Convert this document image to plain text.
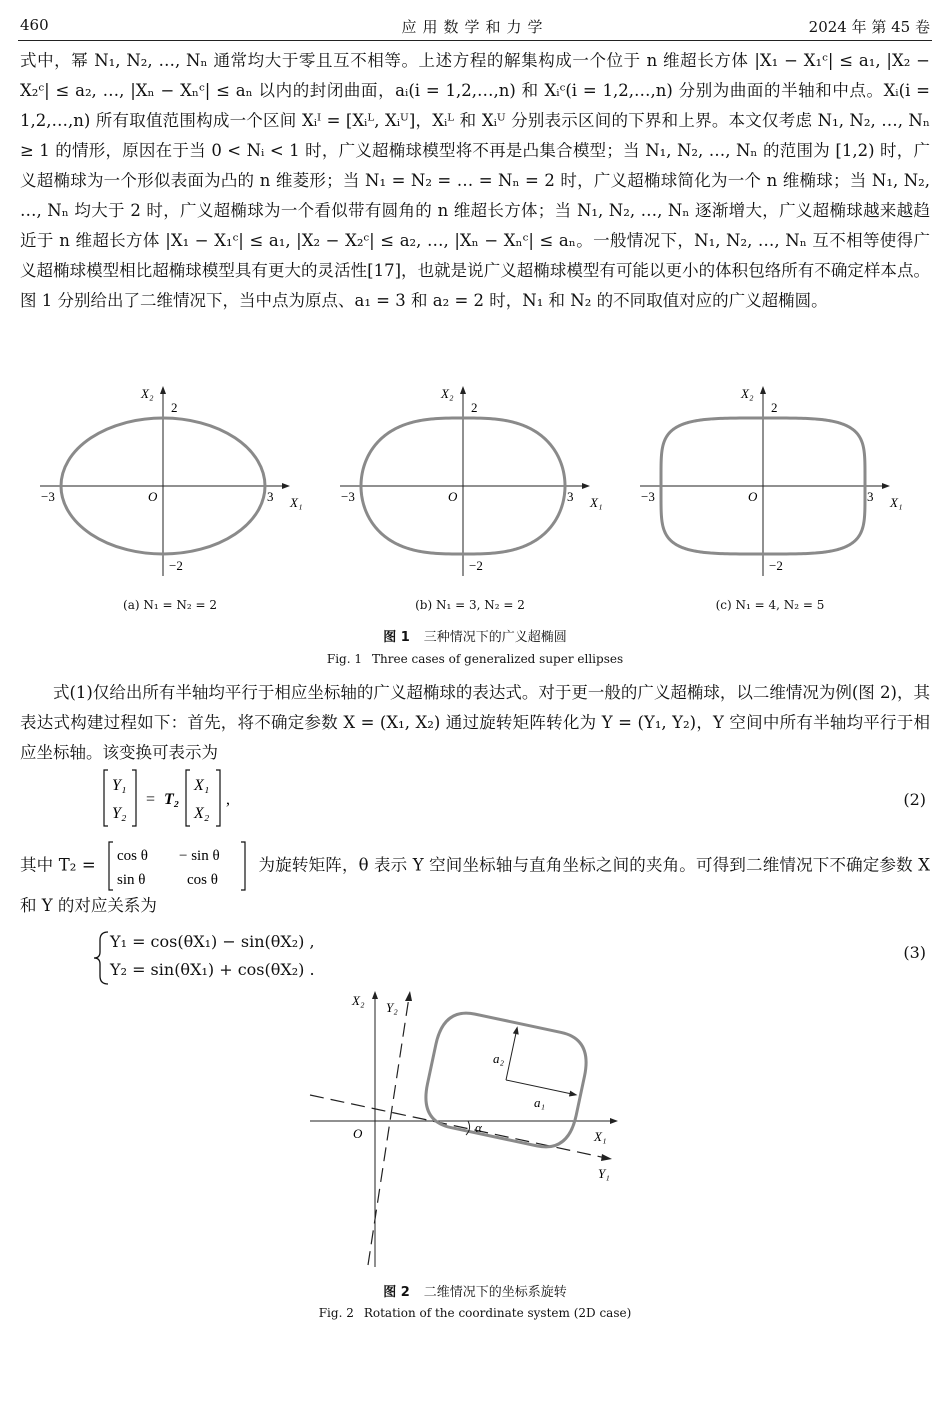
460	应用数学和力学	2024 年 第 45 卷

式中，幂 N₁, N₂, …, Nₙ 通常均大于零且互不相等。上述方程的解集构成一个位于 n 维超长方体 |X₁ − X₁ᶜ| ≤ a₁, |X₂ − X₂ᶜ| ≤ a₂, …, |Xₙ − Xₙᶜ| ≤ aₙ 以内的封闭曲面，aᵢ(i = 1,2,…,n) 和 Xᵢᶜ(i = 1,2,…,n) 分别为曲面的半轴和中点。Xᵢ(i = 1,2,…,n) 所有取值范围构成一个区间 Xᵢᴵ = [Xᵢᴸ, Xᵢᵁ]，Xᵢᴸ 和 Xᵢᵁ 分别表示区间的下界和上界。本文仅考虑 N₁, N₂, …, Nₙ ≥ 1 的情形，原因在于当 0 < Nᵢ < 1 时，广义超椭球模型将不再是凸集合模型；当 N₁, N₂, …, Nₙ 的范围为 [1,2) 时，广义超椭球为一个形似表面为凸的 n 维菱形；当 N₁ = N₂ = … = Nₙ = 2 时，广义超椭球简化为一个 n 维椭球；当 N₁, N₂, …, Nₙ 均大于 2 时，广义超椭球为一个看似带有圆角的 n 维超长方体；当 N₁, N₂, …, Nₙ 逐渐增大，广义超椭球越来越趋近于 n 维超长方体 |X₁ − X₁ᶜ| ≤ a₁, |X₂ − X₂ᶜ| ≤ a₂, …, |Xₙ − Xₙᶜ| ≤ aₙ。一般情况下，N₁, N₂, …, Nₙ 互不相等使得广义超椭球模型相比超椭球模型具有更大的灵活性[17]，也就是说广义超椭球模型有可能以更小的体积包络所有不确定样本点。图 1 分别给出了二维情况下，当中点为原点、a₁ = 3 和 a₂ = 2 时，N₁ 和 N₂ 的不同取值对应的广义超椭圆。

X₂
2
−2
−3	3
O	X₁
X₂
2
−2
−3	3
O	X₁
X₂
2
−2
−3	3
O	X₁
(a) N₁ = N₂ = 2	(b) N₁ = 3, N₂ = 2	(c) N₁ = 4, N₂ = 5
图 1 三种情况下的广义超椭圆
Fig. 1 Three cases of generalized super ellipses

式(1)仅给出所有半轴均平行于相应坐标轴的广义超椭球的表达式。对于更一般的广义超椭球，以二维情况为例(图 2)，其表达式构建过程如下：首先，将不确定参数 X = (X₁, X₂) 通过旋转矩阵转化为 Y = (Y₁, Y₂)，Y 空间中所有半轴均平行于相应坐标轴。该变换可表示为

Y₁
Y₂
= T₂
X₁
X₂
,	(2)
其中 T₂ = cos θ − sin θ
sin θ	cos θ
为旋转矩阵，θ 表示 Y 空间坐标轴与直角坐标之间的夹角。可得到二维情况下不确定参数 X 和 Y 的对应关系为
Y₁ = cos(θX₁) − sin(θX₂) ,
Y₂ = sin(θX₁) + cos(θX₂) .
(3)
X₂ Y₂
O	X₁
Y₁
α
a₂
a₁
图 2 二维情况下的坐标系旋转
Fig. 2 Rotation of the coordinate system (2D case)
